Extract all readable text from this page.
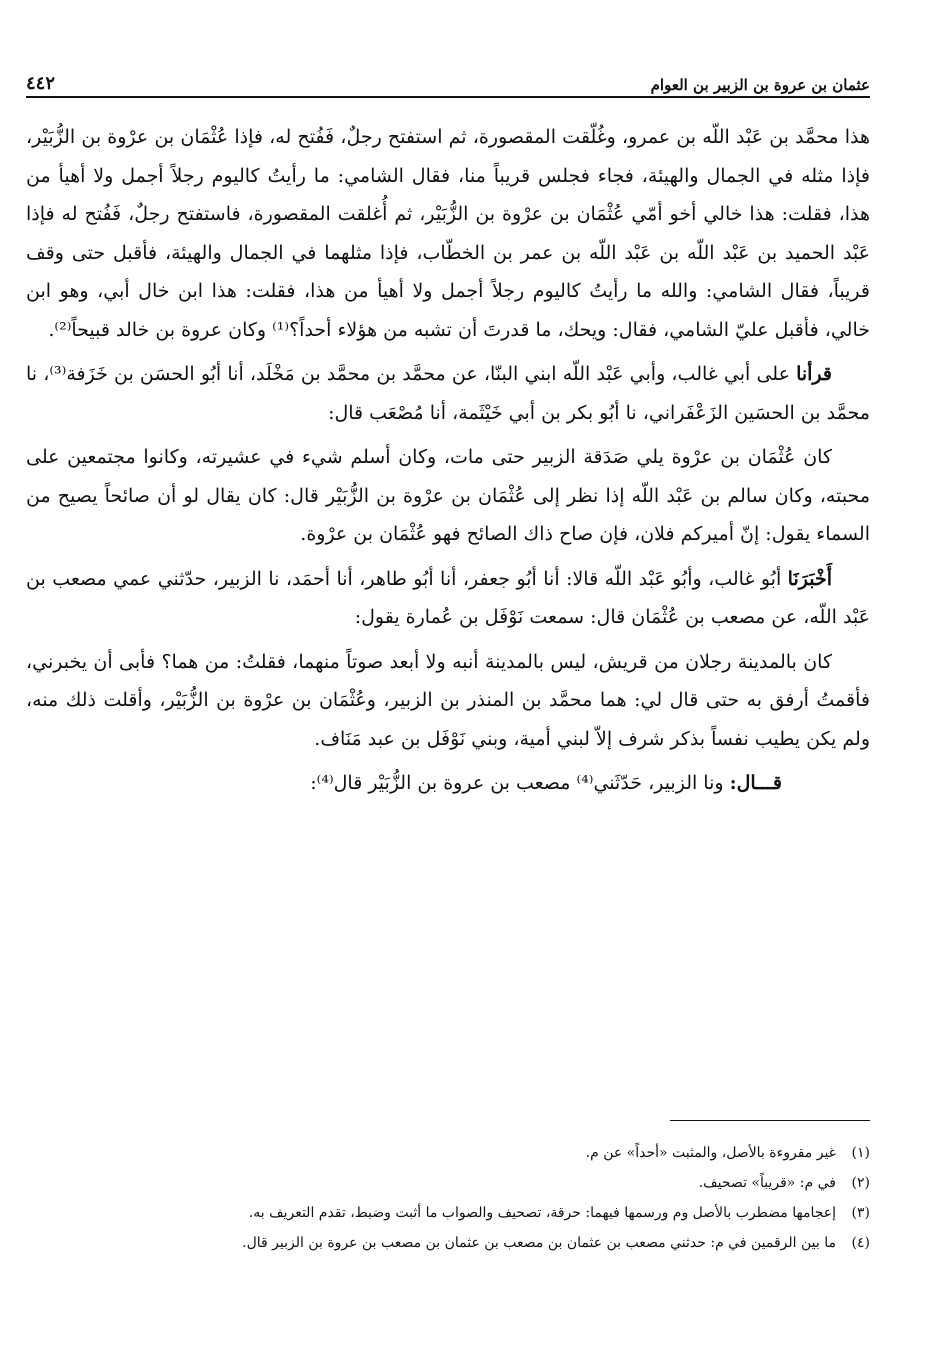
عثمان بن عروة بن الزبير بن العوام
٤٤٢

هذا محمَّد بن عَبْد اللّه بن عمرو، وغُلّقت المقصورة، ثم استفتح رجلٌ، فَفُتح له، فإذا عُثْمَان بن عرْوة بن الزُّبَيْر، فإذا مثله في الجمال والهيئة، فجاء فجلس قريباً منا، فقال الشامي: ما رأيتُ كاليوم رجلاً أجمل ولا أهيأ من هذا، فقلت: هذا خالي أخو أمّي عُثْمَان بن عرْوة بن الزُّبَيْر، ثم أُغلقت المقصورة، فاستفتح رجلٌ، فَفُتح له فإذا عَبْد الحميد بن عَبْد اللّه بن عَبْد اللّه بن عمر بن الخطّاب، فإذا مثلهما في الجمال والهيئة، فأقبل حتى وقف قريباً، فقال الشامي: والله ما رأيتُ كاليوم رجلاً أجمل ولا أهيأ من هذا، فقلت: هذا ابن خال أبي، وهو ابن خالي، فأقبل عليّ الشامي، فقال: ويحك، ما قدرتَ أن تشبه من هؤلاء أحداً؟⁽¹⁾ وكان عروة بن خالد قبيحاً⁽²⁾.

قرأنا على أبي غالب، وأبي عَبْد اللّه ابني البنّا، عن محمَّد بن محمَّد بن مَخْلَد، أنا أبُو الحسَن بن خَزَفة⁽³⁾، نا محمَّد بن الحسَين الزَعْفَراني، نا أبُو بكر بن أبي خَيْثَمة، أنا مُصْعَب قال:

كان عُثْمَان بن عرْوة يلي صَدَقة الزبير حتى مات، وكان أسلم شيء في عشيرته، وكانوا مجتمعين على محبته، وكان سالم بن عَبْد اللّه إذا نظر إلى عُثْمَان بن عرْوة بن الزُّبَيْر قال: كان يقال لو أن صائحاً يصيح من السماء يقول: إنّ أميركم فلان، فإن صاح ذاك الصائح فهو عُثْمَان بن عرْوة.

أَخْبَرَنَا أبُو غالب، وأبُو عَبْد اللّه قالا: أنا أبُو جعفر، أنا أبُو طاهر، أنا أحمَد، نا الزبير، حدّثني عمي مصعب بن عَبْد اللّه، عن مصعب بن عُثْمَان قال: سمعت نَوْفَل بن عُمارة يقول:

كان بالمدينة رجلان من قريش، ليس بالمدينة أنبه ولا أبعد صوتاً منهما، فقلتُ: من هما؟ فأبى أن يخبرني، فأقمتُ أرفق به حتى قال لي: هما محمَّد بن المنذر بن الزبير، وعُثْمَان بن عرْوة بن الزُّبَيْر، وأقلت ذلك منه، ولم يكن يطيب نفساً بذكر شرف إلاّ لبني أمية، وبني نَوْفَل بن عبد مَنَاف.

قـــال: ونا الزبير، حَدّثَني⁽⁴⁾ مصعب بن عروة بن الزُّبَيْر قال⁽⁴⁾:

(١)
غير مقروءة بالأصل، والمثبت «أحداً» عن م.
(٢)
في م: «قريباً» تصحيف.
(٣)
إعجامها مضطرب بالأصل وم ورسمها فيهما: حرقة، تصحيف والصواب ما أثبت وضبط، تقدم التعريف به.
(٤)
ما بين الرقمين في م: حدثني مصعب بن عثمان بن مصعب بن عثمان بن مصعب بن عروة بن الزبير قال.
